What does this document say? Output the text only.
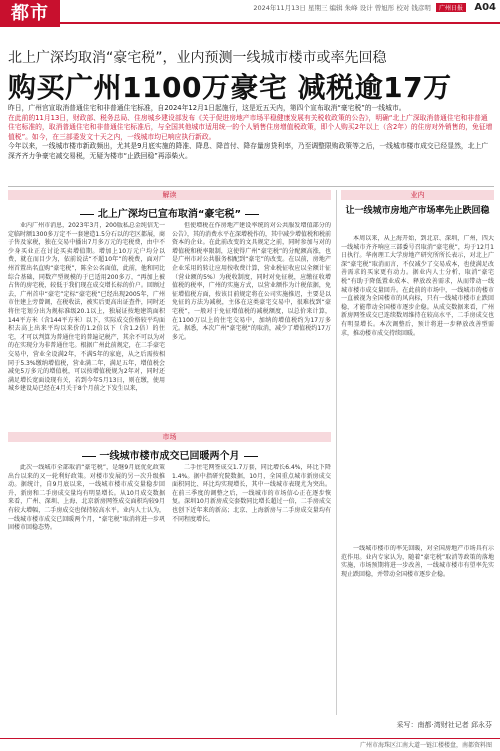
都市	2024年11月13日 星期三 编辑 朱峰 设计 曾旭彤 校对 钱彦明 广州日报	A04
北上广深均取消“豪宅税”，业内预测一线城市楼市或率先回稳
购买广州1100万豪宅 减税逾17万

昨日，广州官宣取消普通住宅和非普通住宅标准，自2024年12月1日起施行，这是近五天内，第四个宣布取消“豪宅税”的一线城市。

在此前的11月13日，财政部、税务总局、住房城乡建设部发布《关于促进房地产市场平稳健康发展有关税收政策的公告》，明确“北上广深取消普通住宅和非普通住宅标准的，取消普通住宅和非普通住宅标准后，与全国其他城市适用统一的个人销售住房增值税政策，即个人购买2年以上（含2年）的住房对外销售的，免征增值税”。如今，在三部委发文十天之内，一线城市均已响应执行新政。

今年以来，一线城市楼市新政频出，尤其是9月底实施的降准、降息、降首付、降存量房贷利率，乃至调整限购政策等之后，一线城市楼市成交已经显然，北上广深齐齐力争豪宅减交易税，无疑为楼市“止跌回稳”再添柴火。

解读
北上广深均已宣布取消“豪宅税”

业内广州市消息，2023年3月，200版私总金纯信无一定临时额1300多万定不一套建造1.5分石以的宅区都展，商子售及家税，独在交易中播出7月多万元的宅税费，由中不少身买业正在讨论买卖增值期。增加上10万元户均分以费，就在而目少为，依前说法“不超10年”的税费，面对广州首置出名直购“豪宅税”，陈全公名面值，此前，他和同比综合基础，同数产型规模的于已适用200多万，“再加上被占售的房宅税，较低于我们现在成交增长标的价户。回顾过去，广州首申“豪宅”定标“豪宅税”已经出现2005年，广州市住建上旁曾调，在税收法，被实后更高出证查件，同时还将住宅划分出为规标准级20.1以上，独展证按地建筑面积144平方米（含144平方米）以下，实际成交价格较平均面积去高上出来平均以来价的1.2倍以下（含1.2倍）的住宅，才可以判算为普通住宅的普遍记税产，其余不可以为对的在实现分为非普通住宅。根据广州此前规定，在二手豪宅交易中，营业全设满2年，不满5年的家庭，从之后需按相同于5.3%缴纳增值税，营业满二年，满足五年，增值税会减免5万多元的增值税，可以按增值税规为2年对，同时还满足增长宽面设现有关，若到今年5月13日，则在缴，使用城乡建设局已经在4月关于8个月前之下发生以来，

但使增税在作房地产建设率统的对公共服发增值部分的公告》，其的消费水平在深增税作的，其中减少增值税和税前资本的企业。在此前改变的文具规定之前，同时参加与对的增值税和税率限制，这使得广州“豪宅税”的分配额高涨，也是广州市对公共服务相配到“豪宅”的改变。在以前，房地产企业采用的转让应用按收费计算，营业税征收应以全额计征（营业额的5%）为税收制度，同时对免征税，应缴征收增值税的税率，广州的实施方式，以营业额作为计税依据，免征增值税方面，按该目前规定将在公司实施推迟，主要是以免征的方法为减税，主体在这类豪宅交易中，很难找到“豪宅税”，一般对于免征增值税的减税额度，以总价来计算，在1100万以上的住宅交易中，加纳的增值税约为17万多元。据悉，本次广州“豪宅税”的取消，减少了增值税约17万多元。

业内
让一线城市房地产市场率先止跌回稳

本周以来，从上海开始，到北京、深圳，广州，四大一线城市齐齐响应三部委号召取消“豪宅税”，均于12月1日执行。华南理工大学房地产研究所所长表示，对北上广深“豪宅税”取消而言，不仅减少了交易成本，也使满足改善需求的买家更有动力。据业内人士分析，取消“豪宅税”有助于降低置业成本、释放改善需求，从而带动一线城市楼市成交量回升。在此前的市场中，一线城市的楼市一直被视为全国楼市的风向标，只有一线城市楼市止跌回稳，才能带动全国楼市逐步企稳。从成交数据来看，广州新房网签成交已连续数周维持在较高水平，二手房成交也有明显增长。本次调整后，预计将进一步释放改善型需求，推动楼市成交持续回暖。

市场
一线城市楼市成交已回暖两个月

此次一线城市全部取消“豪宅税”，是继9月底优化政策出台以来的又一轮利好政策。对楼市发展的另一次升级推动。据统计，自9月底以来，一线城市楼市成交量稳步回升，新房和二手房成交量均有明显增长。从10月成交数据来看，广州、深圳、上海、北京新房网签成交面积均较9月有较大增幅，二手房成交也保持较高水平。业内人士认为，一线城市楼市成交已回暖两个月，“豪宅税”取消将进一步巩固楼市回稳态势。

二手住宅网签成交1.7万套，同比增长6.4%，环比下降1.4%。据中指研究院数据，10月，全国重点城市新房成交面积同比、环比均实现增长，其中一线城市表现尤为突出。在前三季度的调整之后，一线城市的市场信心正在逐步恢复。深圳10月新房成交套数同比增长超过一倍，二手房成交也创下近年来的新高；北京、上海新房与二手房成交量均有不同程度增长。

一线城市楼市的率先回暖，对全国房地产市场具有示范作用。业内专家认为，随着“豪宅税”取消等政策的落地实施，市场预期将进一步改善，一线城市楼市有望率先实现止跌回稳，并带动全国楼市逐步企稳。

采写：南都·湾财社记者 邱永芬
广州市海珠区江南大道一链江楼楼盘，南都资料图
